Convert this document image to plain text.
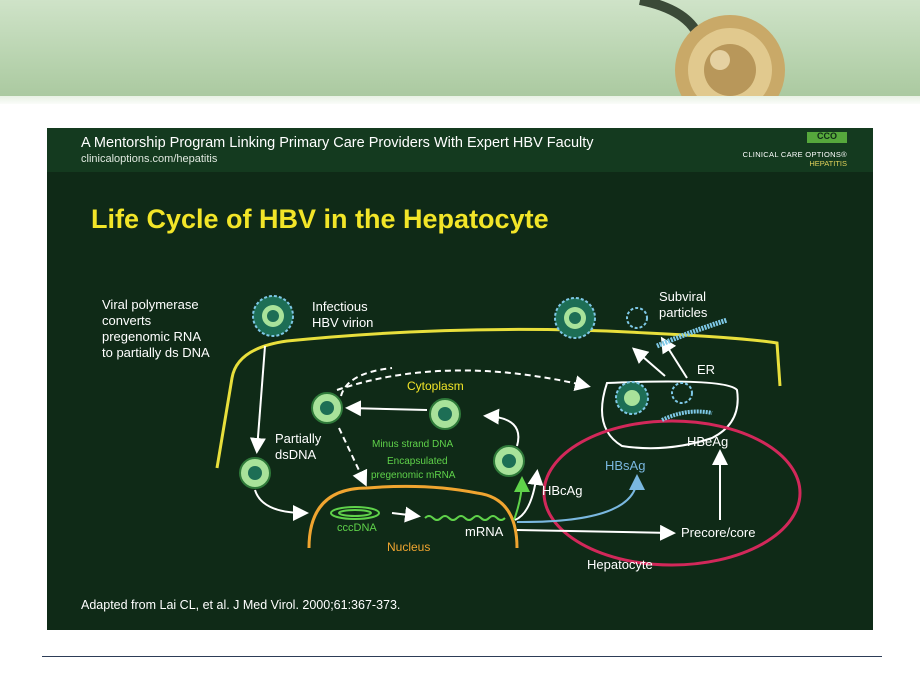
A Mentorship Program Linking Primary Care Providers With Expert HBV Faculty
clinicaloptions.com/hepatitis
CCO
CLINICAL CARE OPTIONS®
HEPATITIS
Life Cycle of HBV in the Hepatocyte
Viral polymerase
converts
pregenomic RNA
to partially ds DNA
Infectious
HBV virion
Subviral
particles
ER
Partially
dsDNA
HBcAg
HBeAg
mRNA	Precore/core
Hepatocyte
Cytoplasm
Minus strand DNA
Encapsulated
pregenomic mRNA
HBsAg
cccDNA
Nucleus
Adapted from Lai CL, et al. J Med Virol. 2000;61:367-373.
